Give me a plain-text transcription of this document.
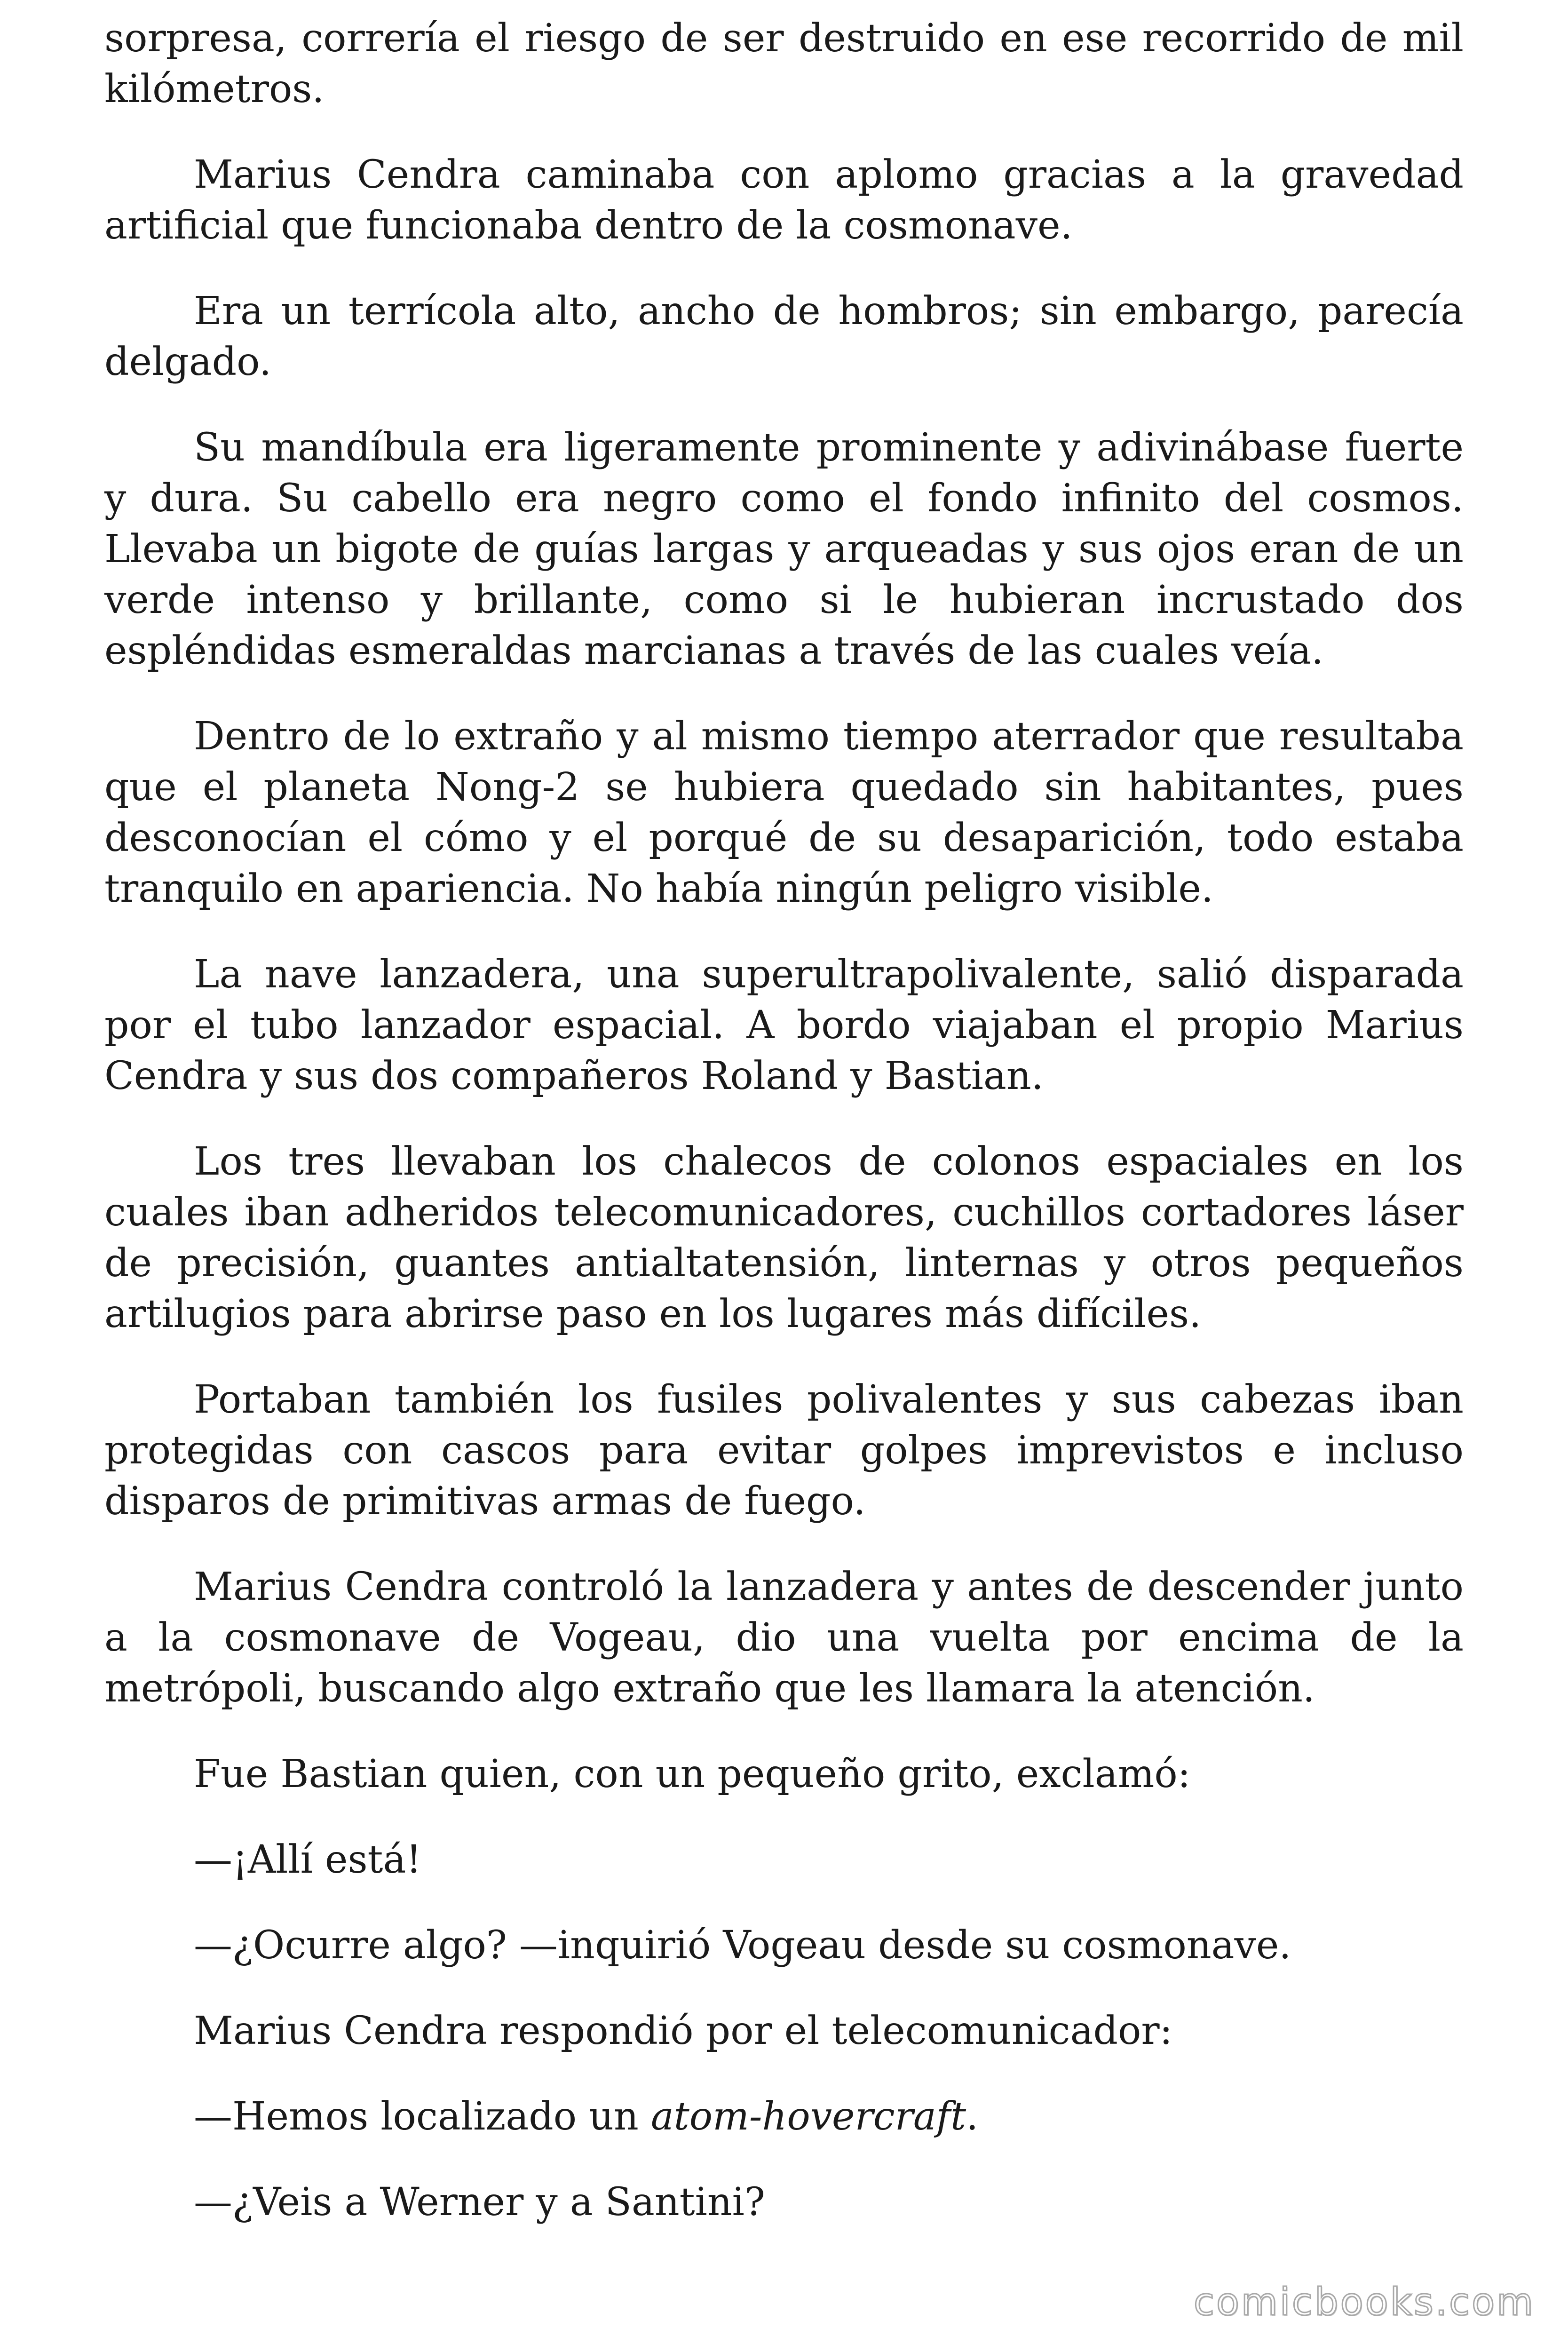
sorpresa, correría el riesgo de ser destruido en ese recorrido de mil kilómetros.

Marius Cendra caminaba con aplomo gracias a la gravedad artificial que funcionaba dentro de la cosmonave.

Era un terrícola alto, ancho de hombros; sin embargo, parecía delgado.

Su mandíbula era ligeramente prominente y adivinábase fuerte y dura. Su cabello era negro como el fondo infinito del cosmos. Llevaba un bigote de guías largas y arqueadas y sus ojos eran de un verde intenso y brillante, como si le hubieran incrustado dos espléndidas esmeraldas marcianas a través de las cuales veía.

Dentro de lo extraño y al mismo tiempo aterrador que resultaba que el planeta Nong-2 se hubiera quedado sin habitantes, pues desconocían el cómo y el porqué de su desaparición, todo estaba tranquilo en apariencia. No había ningún peligro visible.

La nave lanzadera, una superultrapolivalente, salió disparada por el tubo lanzador espacial. A bordo viajaban el propio Marius Cendra y sus dos compañeros Roland y Bastian.

Los tres llevaban los chalecos de colonos espaciales en los cuales iban adheridos telecomunicadores, cuchillos cortadores láser de precisión, guantes antialtatensión, linternas y otros pequeños artilugios para abrirse paso en los lugares más difíciles.

Portaban también los fusiles polivalentes y sus cabezas iban protegidas con cascos para evitar golpes imprevistos e incluso disparos de primitivas armas de fuego.

Marius Cendra controló la lanzadera y antes de descender junto a la cosmonave de Vogeau, dio una vuelta por encima de la metrópoli, buscando algo extraño que les llamara la atención.

Fue Bastian quien, con un pequeño grito, exclamó:

—¡Allí está!

—¿Ocurre algo? —inquirió Vogeau desde su cosmonave.

Marius Cendra respondió por el telecomunicador:

—Hemos localizado un atom-hovercraft.

—¿Veis a Werner y a Santini?

comicbooks.com
